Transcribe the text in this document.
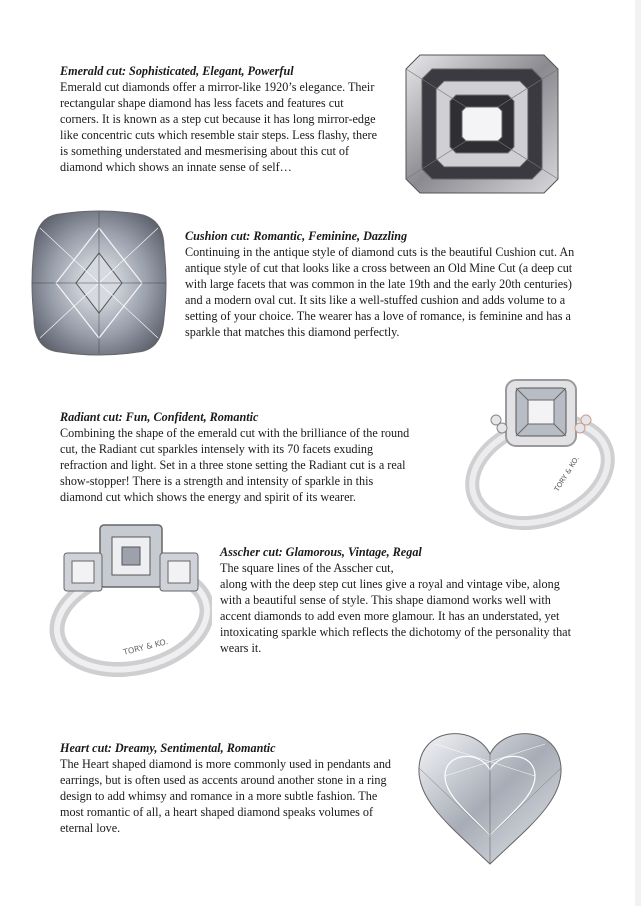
Emerald cut: Sophisticated, Elegant, Powerful

Emerald cut diamonds offer a mirror-like 1920’s elegance. Their rectangular shape diamond has less facets and features cut corners. It is known as a step cut because it has long mirror-edge like concentric cuts which resemble stair steps. Less flashy, there is something understated and mesmerising about this cut of diamond which shows an innate sense of self…

Cushion cut: Romantic, Feminine, Dazzling

Continuing in the antique style of diamond cuts is the beautiful Cushion cut. An antique style of cut that looks like a cross between an Old Mine Cut (a deep cut with large facets that was common in the late 19th and the early 20th centuries) and a modern oval cut. It sits like a well-stuffed cushion and adds volume to a setting of your choice. The wearer has a love of romance, is feminine and has a sparkle that matches this diamond perfectly.

Radiant cut: Fun, Confident, Romantic

Combining the shape of the emerald cut with the brilliance of the round cut, the Radiant cut sparkles intensely with its 70 facets exuding refraction and light. Set in a three stone setting the Radiant cut is a real show-stopper! There is a strength and intensity of sparkle in this diamond cut which shows the energy and spirit of its wearer.

TORY & KO.
TORY & KO.
Asscher cut: Glamorous, Vintage, Regal

The square lines of the Asscher cut,

along with the deep step cut lines give a royal and vintage vibe, along with a beautiful sense of style. This shape diamond works well with accent diamonds to add even more glamour. It has an understated, yet intoxicating sparkle which reflects the dichotomy of the personality that wears it.

Heart cut: Dreamy, Sentimental, Romantic

The Heart shaped diamond is more commonly used in pendants and earrings, but is often used as accents around another stone in a ring design to add whimsy and romance in a more subtle fashion. The most romantic of all, a heart shaped diamond speaks volumes of eternal love.
